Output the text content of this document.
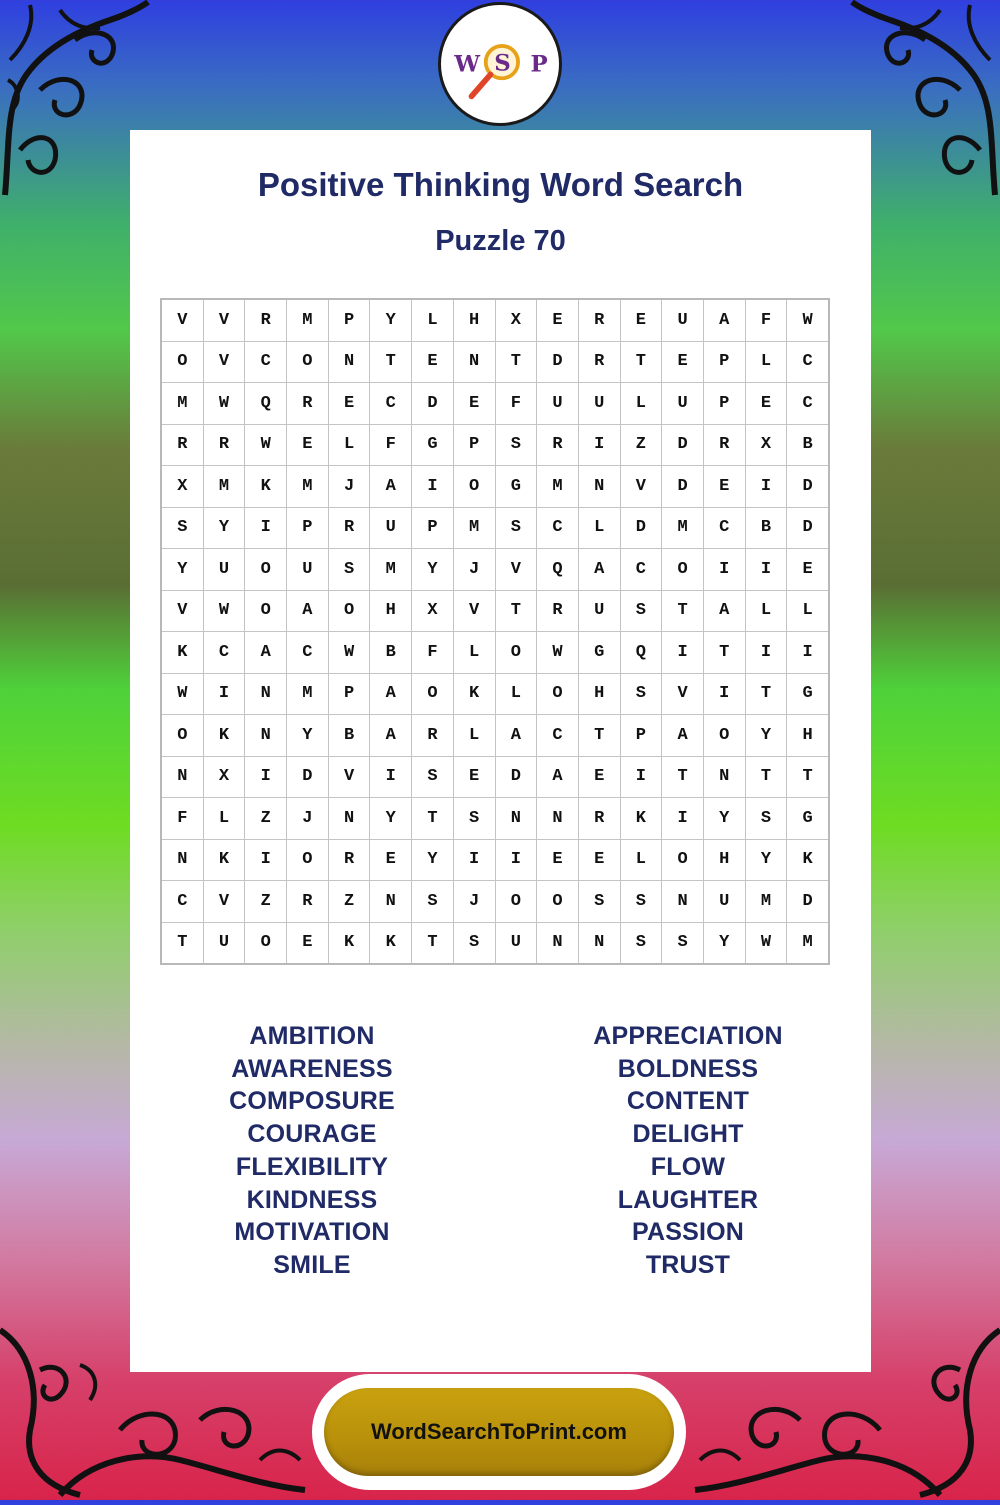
W S P
Positive Thinking Word Search
Puzzle 70
V	V	R	M	P	Y	L	H	X	E	R	E	U	A	F	W
O	V	C	O	N	T	E	N	T	D	R	T	E	P	L	C
M	W	Q	R	E	C	D	E	F	U	U	L	U	P	E	C
R	R	W	E	L	F	G	P	S	R	I	Z	D	R	X	B
X	M	K	M	J	A	I	O	G	M	N	V	D	E	I	D
S	Y	I	P	R	U	P	M	S	C	L	D	M	C	B	D
Y	U	O	U	S	M	Y	J	V	Q	A	C	O	I	I	E
V	W	O	A	O	H	X	V	T	R	U	S	T	A	L	L
K	C	A	C	W	B	F	L	O	W	G	Q	I	T	I	I
W	I	N	M	P	A	O	K	L	O	H	S	V	I	T	G
O	K	N	Y	B	A	R	L	A	C	T	P	A	O	Y	H
N	X	I	D	V	I	S	E	D	A	E	I	T	N	T	T
F	L	Z	J	N	Y	T	S	N	N	R	K	I	Y	S	G
N	K	I	O	R	E	Y	I	I	E	E	L	O	H	Y	K
C	V	Z	R	Z	N	S	J	O	O	S	S	N	U	M	D
T	U	O	E	K	K	T	S	U	N	N	S	S	Y	W	M
AMBITION
AWARENESS
COMPOSURE
COURAGE
FLEXIBILITY
KINDNESS
MOTIVATION
SMILE
APPRECIATION
BOLDNESS
CONTENT
DELIGHT
FLOW
LAUGHTER
PASSION
TRUST
WordSearchToPrint.com
